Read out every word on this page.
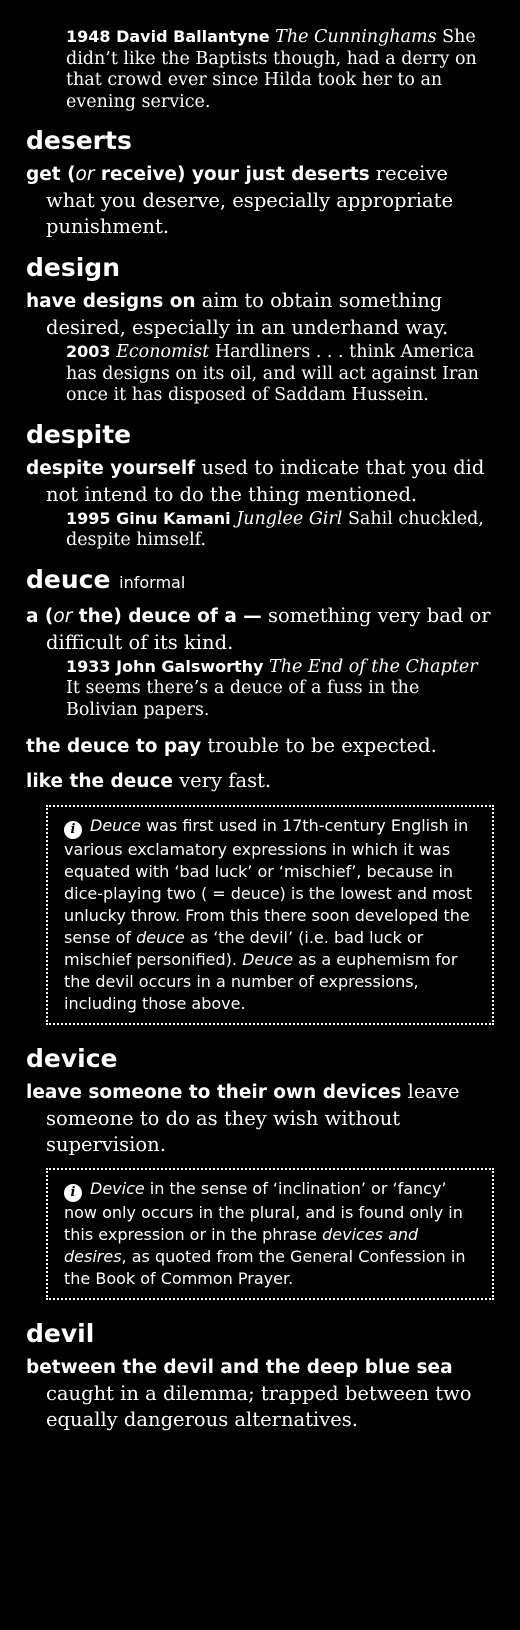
1948 David Ballantyne The Cunninghams She didn’t like the Baptists though, had a derry on that crowd ever since Hilda took her to an evening service.
deserts
get (or receive) your just deserts receive what you deserve, especially appropriate punishment.
design
have designs on aim to obtain something desired, especially in an underhand way.
2003 Economist Hardliners . . . think America has designs on its oil, and will act against Iran once it has disposed of Saddam Hussein.
despite
despite yourself used to indicate that you did not intend to do the thing mentioned.
1995 Ginu Kamani Junglee Girl Sahil chuckled, despite himself.
deuce informal
a (or the) deuce of a — something very bad or difficult of its kind.
1933 John Galsworthy The End of the Chapter It seems there’s a deuce of a fuss in the Bolivian papers.
the deuce to pay trouble to be expected.
like the deuce very fast.
i Deuce was first used in 17th-century English in various exclamatory expressions in which it was equated with ‘bad luck’ or ‘mischief’, because in dice-playing two ( = deuce) is the lowest and most unlucky throw. From this there soon developed the sense of deuce as ‘the devil’ (i.e. bad luck or mischief personified). Deuce as a euphemism for the devil occurs in a number of expressions, including those above.
device
leave someone to their own devices leave someone to do as they wish without supervision.
i Device in the sense of ‘inclination’ or ‘fancy’ now only occurs in the plural, and is found only in this expression or in the phrase devices and desires, as quoted from the General Confession in the Book of Common Prayer.
devil
between the devil and the deep blue sea caught in a dilemma; trapped between two equally dangerous alternatives.
